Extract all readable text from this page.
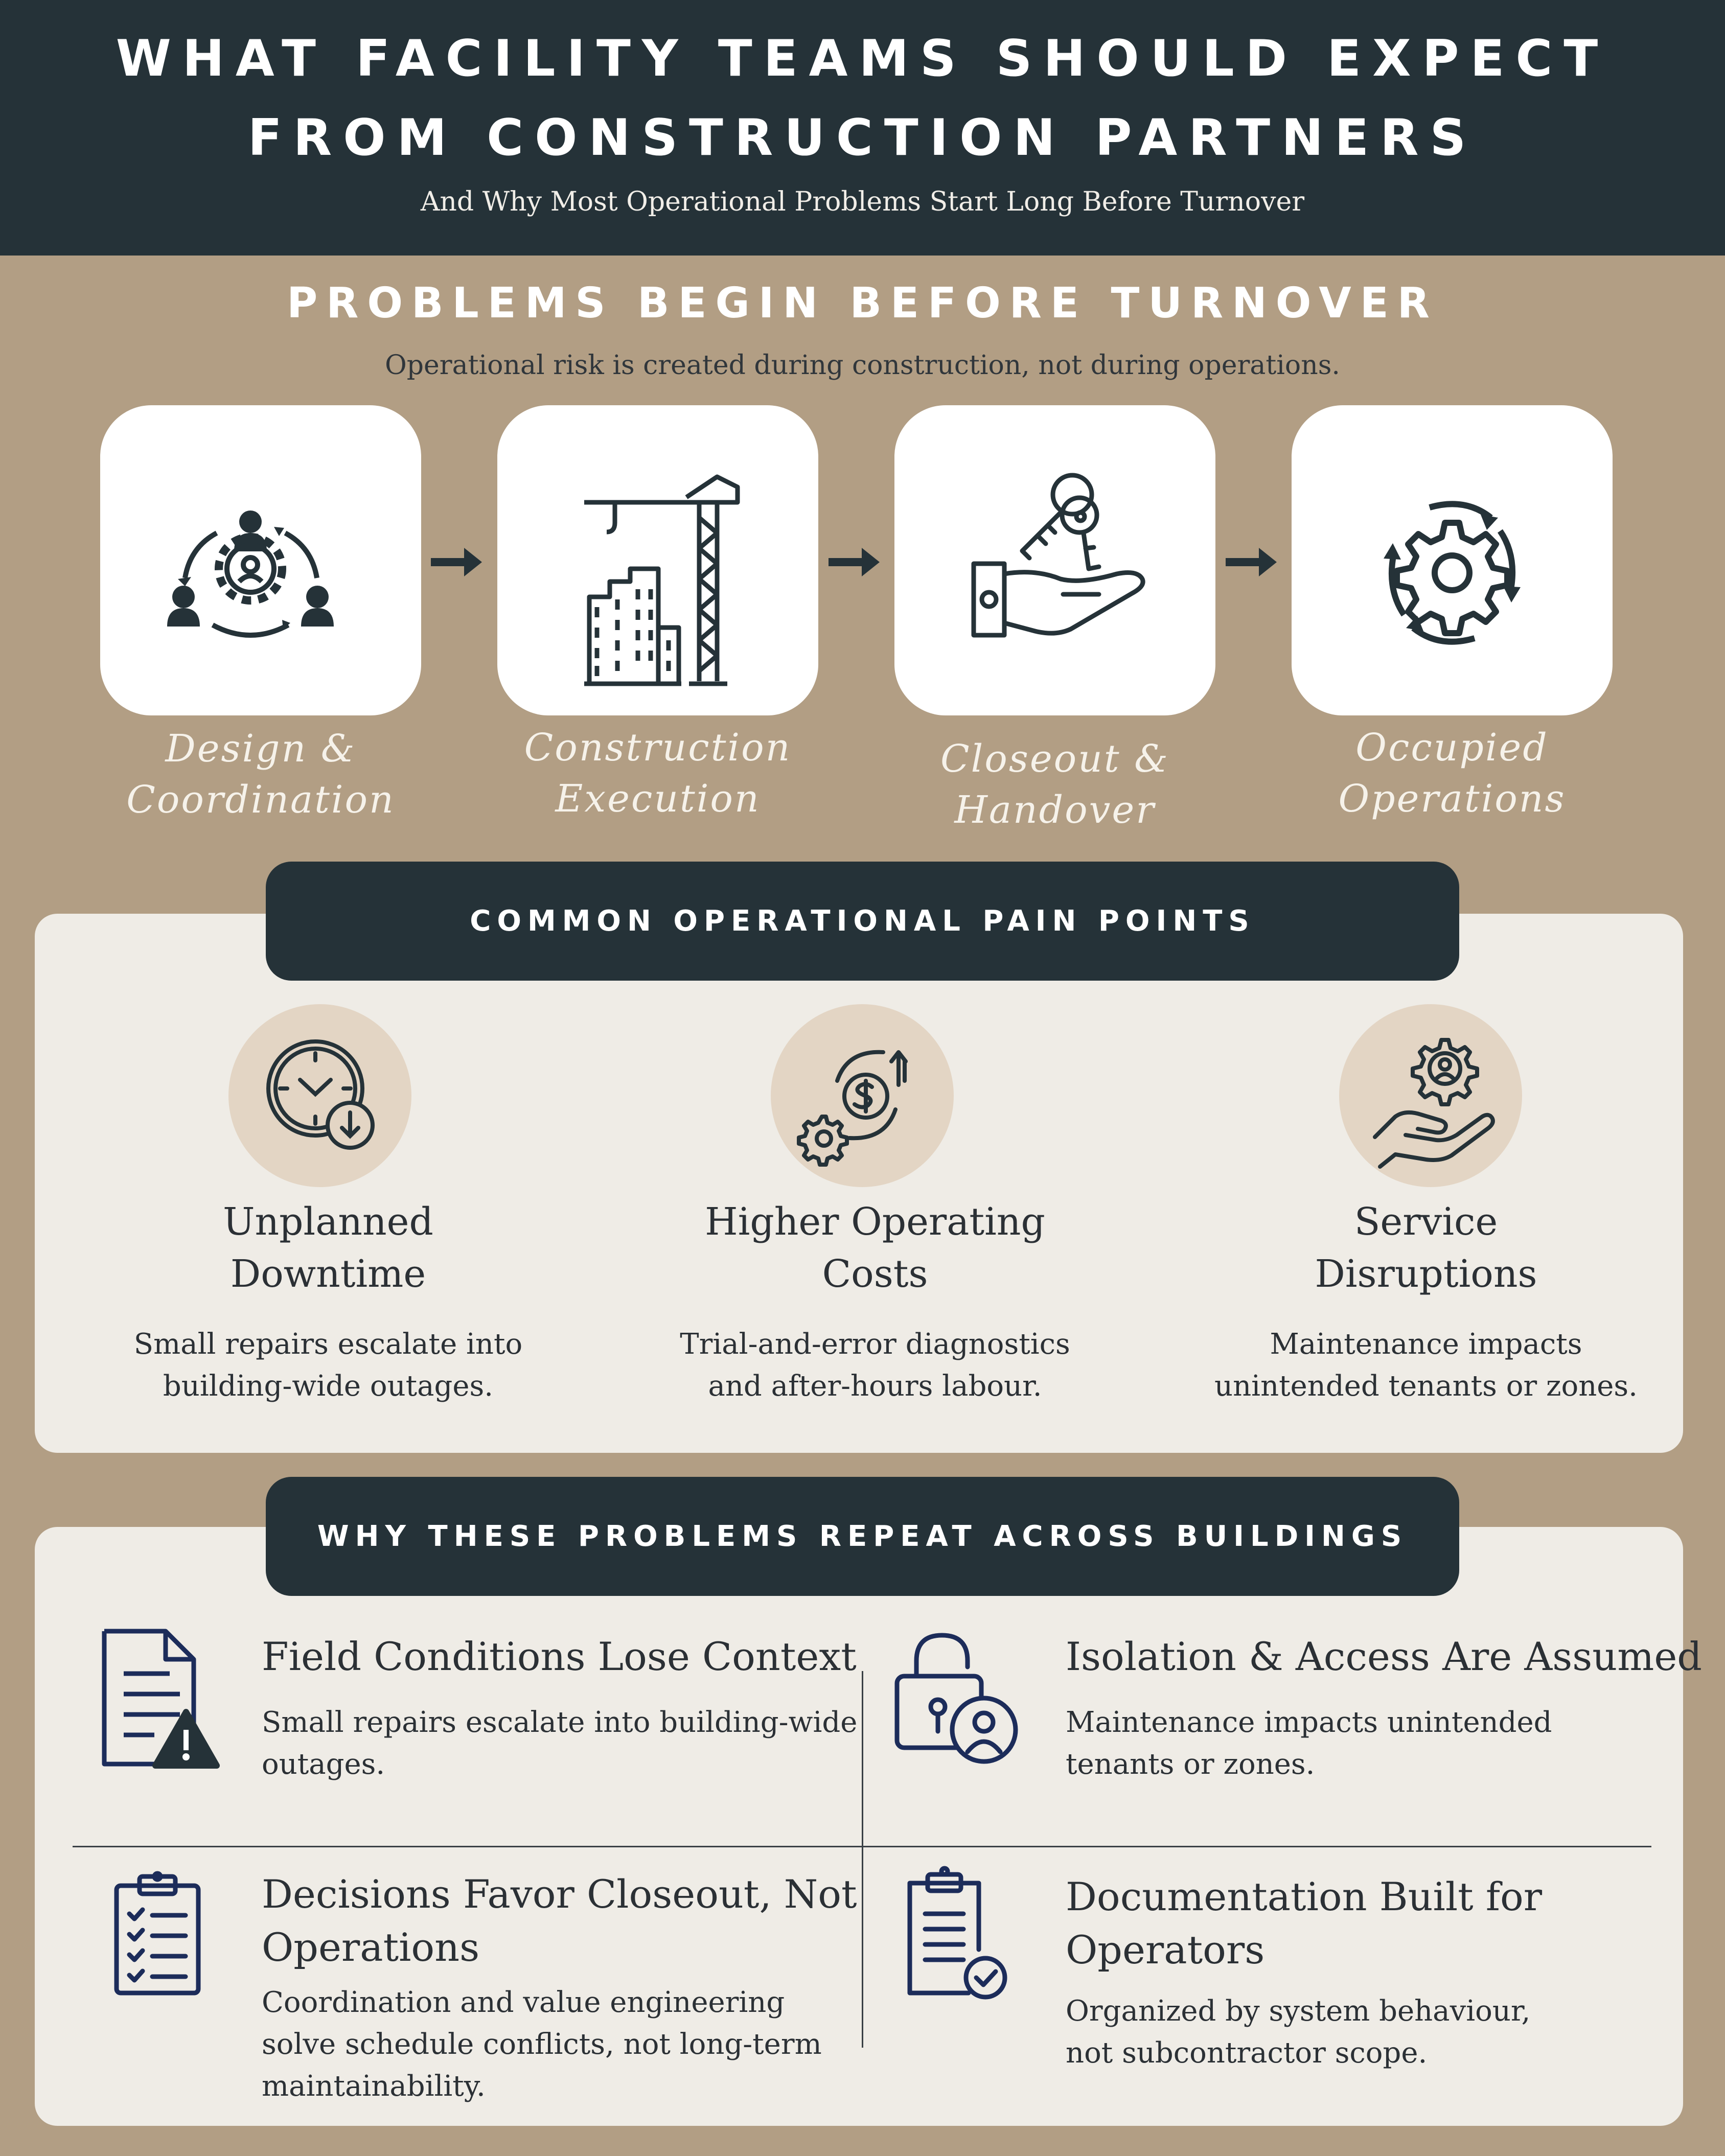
WHAT FACILITY TEAMS SHOULD EXPECT
FROM CONSTRUCTION PARTNERS
And Why Most Operational Problems Start Long Before Turnover
PROBLEMS BEGIN BEFORE TURNOVER
Operational risk is created during construction, not during operations.
Design &
Coordination
Construction
Execution
Closeout &
Handover
Occupied
Operations
COMMON OPERATIONAL PAIN POINTS
Unplanned
Downtime
Higher Operating
Costs
Service
Disruptions
Small repairs escalate into
building-wide outages.
Trial-and-error diagnostics
and after-hours labour.
Maintenance impacts
unintended tenants or zones.
WHY THESE PROBLEMS REPEAT ACROSS BUILDINGS
Field Conditions Lose Context
Small repairs escalate into building-wide
outages.
Isolation & Access Are Assumed
Maintenance impacts unintended
tenants or zones.
Decisions Favor Closeout, Not
Operations
Coordination and value engineering
solve schedule conflicts, not long-term
maintainability.
Documentation Built for
Operators
Organized by system behaviour,
not subcontractor scope.
